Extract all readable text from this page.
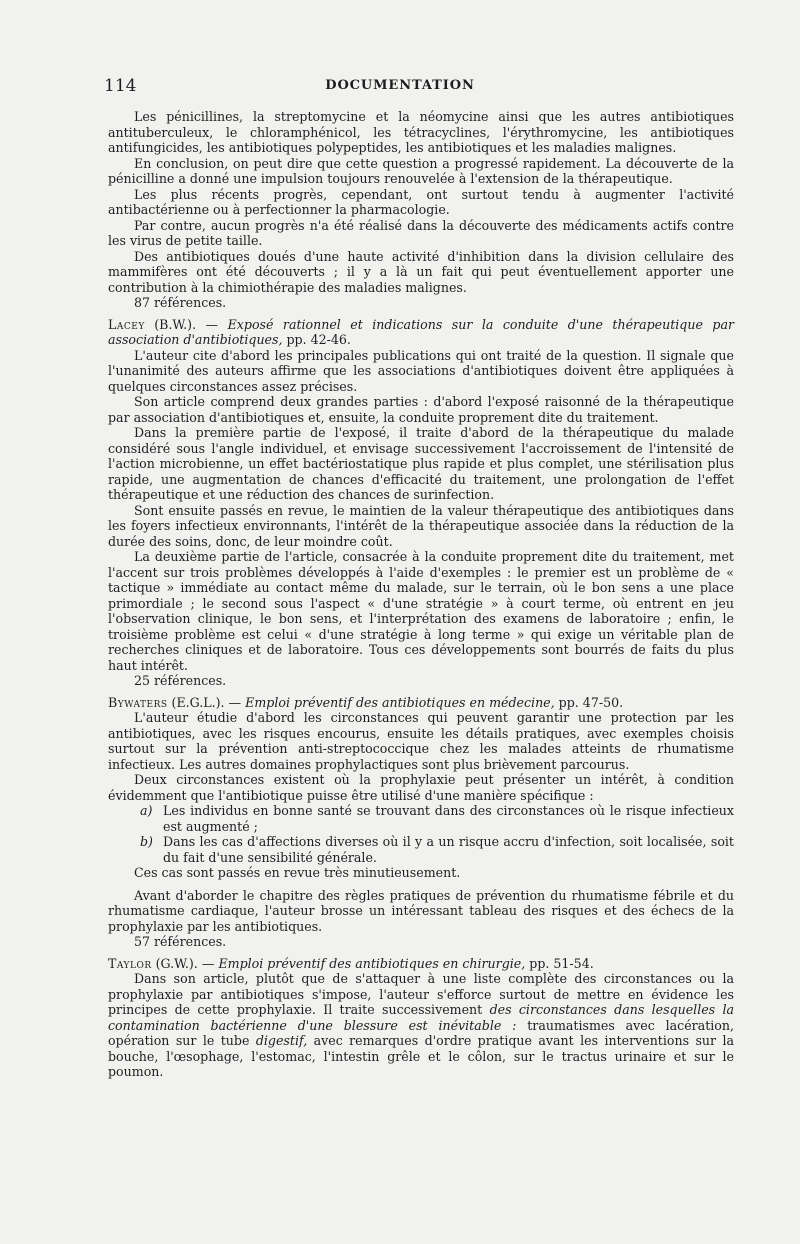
114	DOCUMENTATION

Les pénicillines, la streptomycine et la néomycine ainsi que les autres antibiotiques antituberculeux, le chloramphénicol, les tétracyclines, l'érythromycine, les antibiotiques antifungicides, les antibiotiques polypeptides, les antibiotiques et les maladies malignes.

En conclusion, on peut dire que cette question a progressé rapidement. La découverte de la pénicilline a donné une impulsion toujours renouvelée à l'extension de la thérapeutique.

Les plus récents progrès, cependant, ont surtout tendu à augmenter l'activité antibactérienne ou à perfectionner la pharmacologie.

Par contre, aucun progrès n'a été réalisé dans la découverte des médicaments actifs contre les virus de petite taille.

Des antibiotiques doués d'une haute activité d'inhibition dans la division cellulaire des mammifères ont été découverts ; il y a là un fait qui peut éventuellement apporter une contribution à la chimiothérapie des maladies malignes.

87 références.

Lacey (B.W.). — Exposé rationnel et indications sur la conduite d'une thérapeutique par association d'antibiotiques, pp. 42-46.

L'auteur cite d'abord les principales publications qui ont traité de la question. Il signale que l'unanimité des auteurs affirme que les associations d'antibiotiques doivent être appliquées à quelques circonstances assez précises.

Son article comprend deux grandes parties : d'abord l'exposé raisonné de la thérapeutique par association d'antibiotiques et, ensuite, la conduite proprement dite du traitement.

Dans la première partie de l'exposé, il traite d'abord de la thérapeutique du malade considéré sous l'angle individuel, et envisage successivement l'accroissement de l'intensité de l'action microbienne, un effet bactériostatique plus rapide et plus complet, une stérilisation plus rapide, une augmentation de chances d'efficacité du traitement, une prolongation de l'effet thérapeutique et une réduction des chances de surinfection.

Sont ensuite passés en revue, le maintien de la valeur thérapeutique des antibiotiques dans les foyers infectieux environnants, l'intérêt de la thérapeutique associée dans la réduction de la durée des soins, donc, de leur moindre coût.

La deuxième partie de l'article, consacrée à la conduite proprement dite du traitement, met l'accent sur trois problèmes développés à l'aide d'exemples : le premier est un problème de « tactique » immédiate au contact même du malade, sur le terrain, où le bon sens a une place primordiale ; le second sous l'aspect « d'une stratégie » à court terme, où entrent en jeu l'observation clinique, le bon sens, et l'interprétation des examens de laboratoire ; enfin, le troisième problème est celui « d'une stratégie à long terme » qui exige un véritable plan de recherches cliniques et de laboratoire. Tous ces développements sont bourrés de faits du plus haut intérêt.

25 références.

Bywaters (E.G.L.). — Emploi préventif des antibiotiques en médecine, pp. 47-50.

L'auteur étudie d'abord les circonstances qui peuvent garantir une protection par les antibiotiques, avec les risques encourus, ensuite les détails pratiques, avec exemples choisis surtout sur la prévention anti-streptococcique chez les malades atteints de rhumatisme infectieux. Les autres domaines prophylactiques sont plus brièvement parcourus.

Deux circonstances existent où la prophylaxie peut présenter un intérêt, à condition évidemment que l'antibiotique puisse être utilisé d'une manière spécifique :

a) Les individus en bonne santé se trouvant dans des circonstances où le risque infectieux est augmenté ;

b) Dans les cas d'affections diverses où il y a un risque accru d'infection, soit localisée, soit du fait d'une sensibilité générale.

Ces cas sont passés en revue très minutieusement.

Avant d'aborder le chapitre des règles pratiques de prévention du rhumatisme fébrile et du rhumatisme cardiaque, l'auteur brosse un intéressant tableau des risques et des échecs de la prophylaxie par les antibiotiques.

57 références.

Taylor (G.W.). — Emploi préventif des antibiotiques en chirurgie, pp. 51-54.

Dans son article, plutôt que de s'attaquer à une liste complète des circonstances ou la prophylaxie par antibiotiques s'impose, l'auteur s'efforce surtout de mettre en évidence les principes de cette prophylaxie. Il traite successivement des circonstances dans lesquelles la contamination bactérienne d'une blessure est inévitable : traumatismes avec lacération, opération sur le tube digestif, avec remarques d'ordre pratique avant les interventions sur la bouche, l'œsophage, l'estomac, l'intestin grêle et le côlon, sur le tractus urinaire et sur le poumon.
